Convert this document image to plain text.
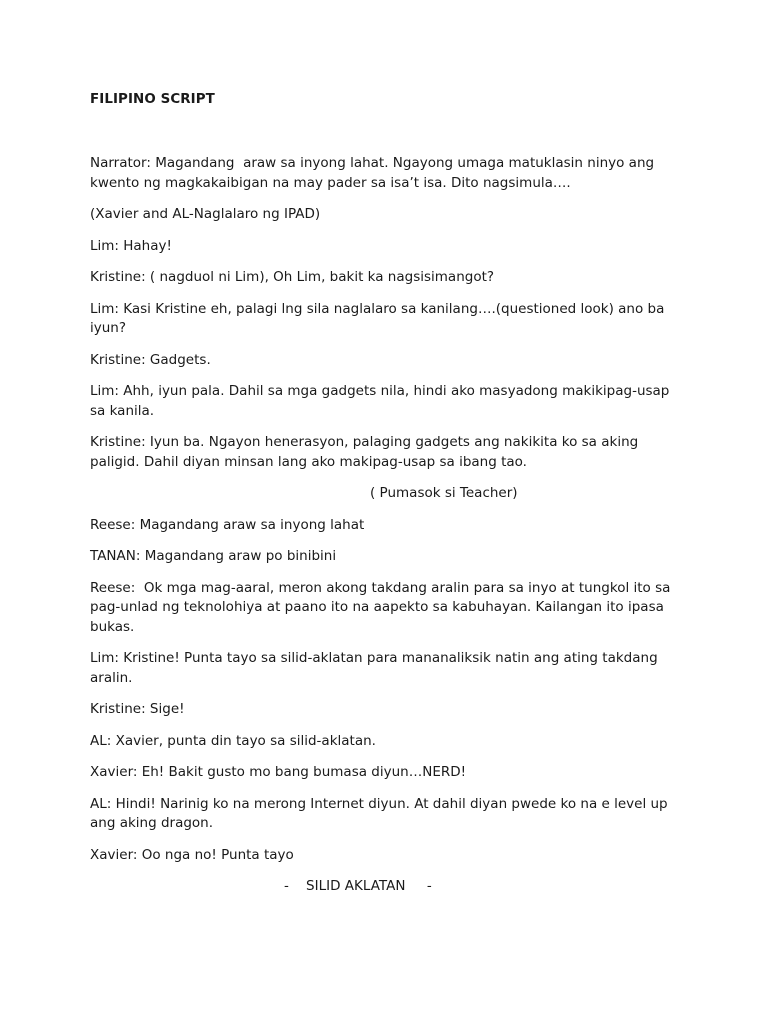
FILIPINO SCRIPT

Narrator: Magandang  araw sa inyong lahat. Ngayong umaga matuklasin ninyo ang kwento ng magkakaibigan na may pader sa isa’t isa. Dito nagsimula….

(Xavier and AL-Naglalaro ng IPAD)

Lim: Hahay!

Kristine: ( nagduol ni Lim), Oh Lim, bakit ka nagsisimangot?

Lim: Kasi Kristine eh, palagi lng sila naglalaro sa kanilang….(questioned look) ano ba iyun?

Kristine: Gadgets.

Lim: Ahh, iyun pala. Dahil sa mga gadgets nila, hindi ako masyadong makikipag-usap sa kanila.

Kristine: Iyun ba. Ngayon henerasyon, palaging gadgets ang nakikita ko sa aking paligid. Dahil diyan minsan lang ako makipag-usap sa ibang tao.

( Pumasok si Teacher)

Reese: Magandang araw sa inyong lahat

TANAN: Magandang araw po binibini

Reese:  Ok mga mag-aaral, meron akong takdang aralin para sa inyo at tungkol ito sa pag-unlad ng teknolohiya at paano ito na aapekto sa kabuhayan. Kailangan ito ipasa bukas.

Lim: Kristine! Punta tayo sa silid-aklatan para mananaliksik natin ang ating takdang aralin.

Kristine: Sige!

AL: Xavier, punta din tayo sa silid-aklatan.

Xavier: Eh! Bakit gusto mo bang bumasa diyun…NERD!

AL: Hindi! Narinig ko na merong Internet diyun. At dahil diyan pwede ko na e level up ang aking dragon.

Xavier: Oo nga no! Punta tayo

-    SILID AKLATAN     -
